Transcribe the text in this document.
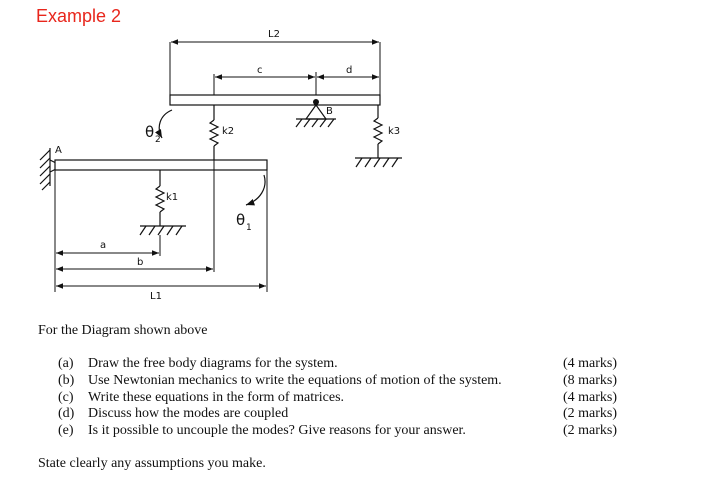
Example 2
A
k1
k2	k3
B
L2
c	d
θ 2
θ 1
a
b
L1
For the Diagram shown above
(a) Draw the free body diagrams for the system.
(b) Use Newtonian mechanics to write the equations of motion of the system.
(c) Write these equations in the form of matrices.
(d) Discuss how the modes are coupled
(e) Is it possible to uncouple the modes? Give reasons for your answer.
(4 marks)
(8 marks)
(4 marks)
(2 marks)
(2 marks)
State clearly any assumptions you make.
